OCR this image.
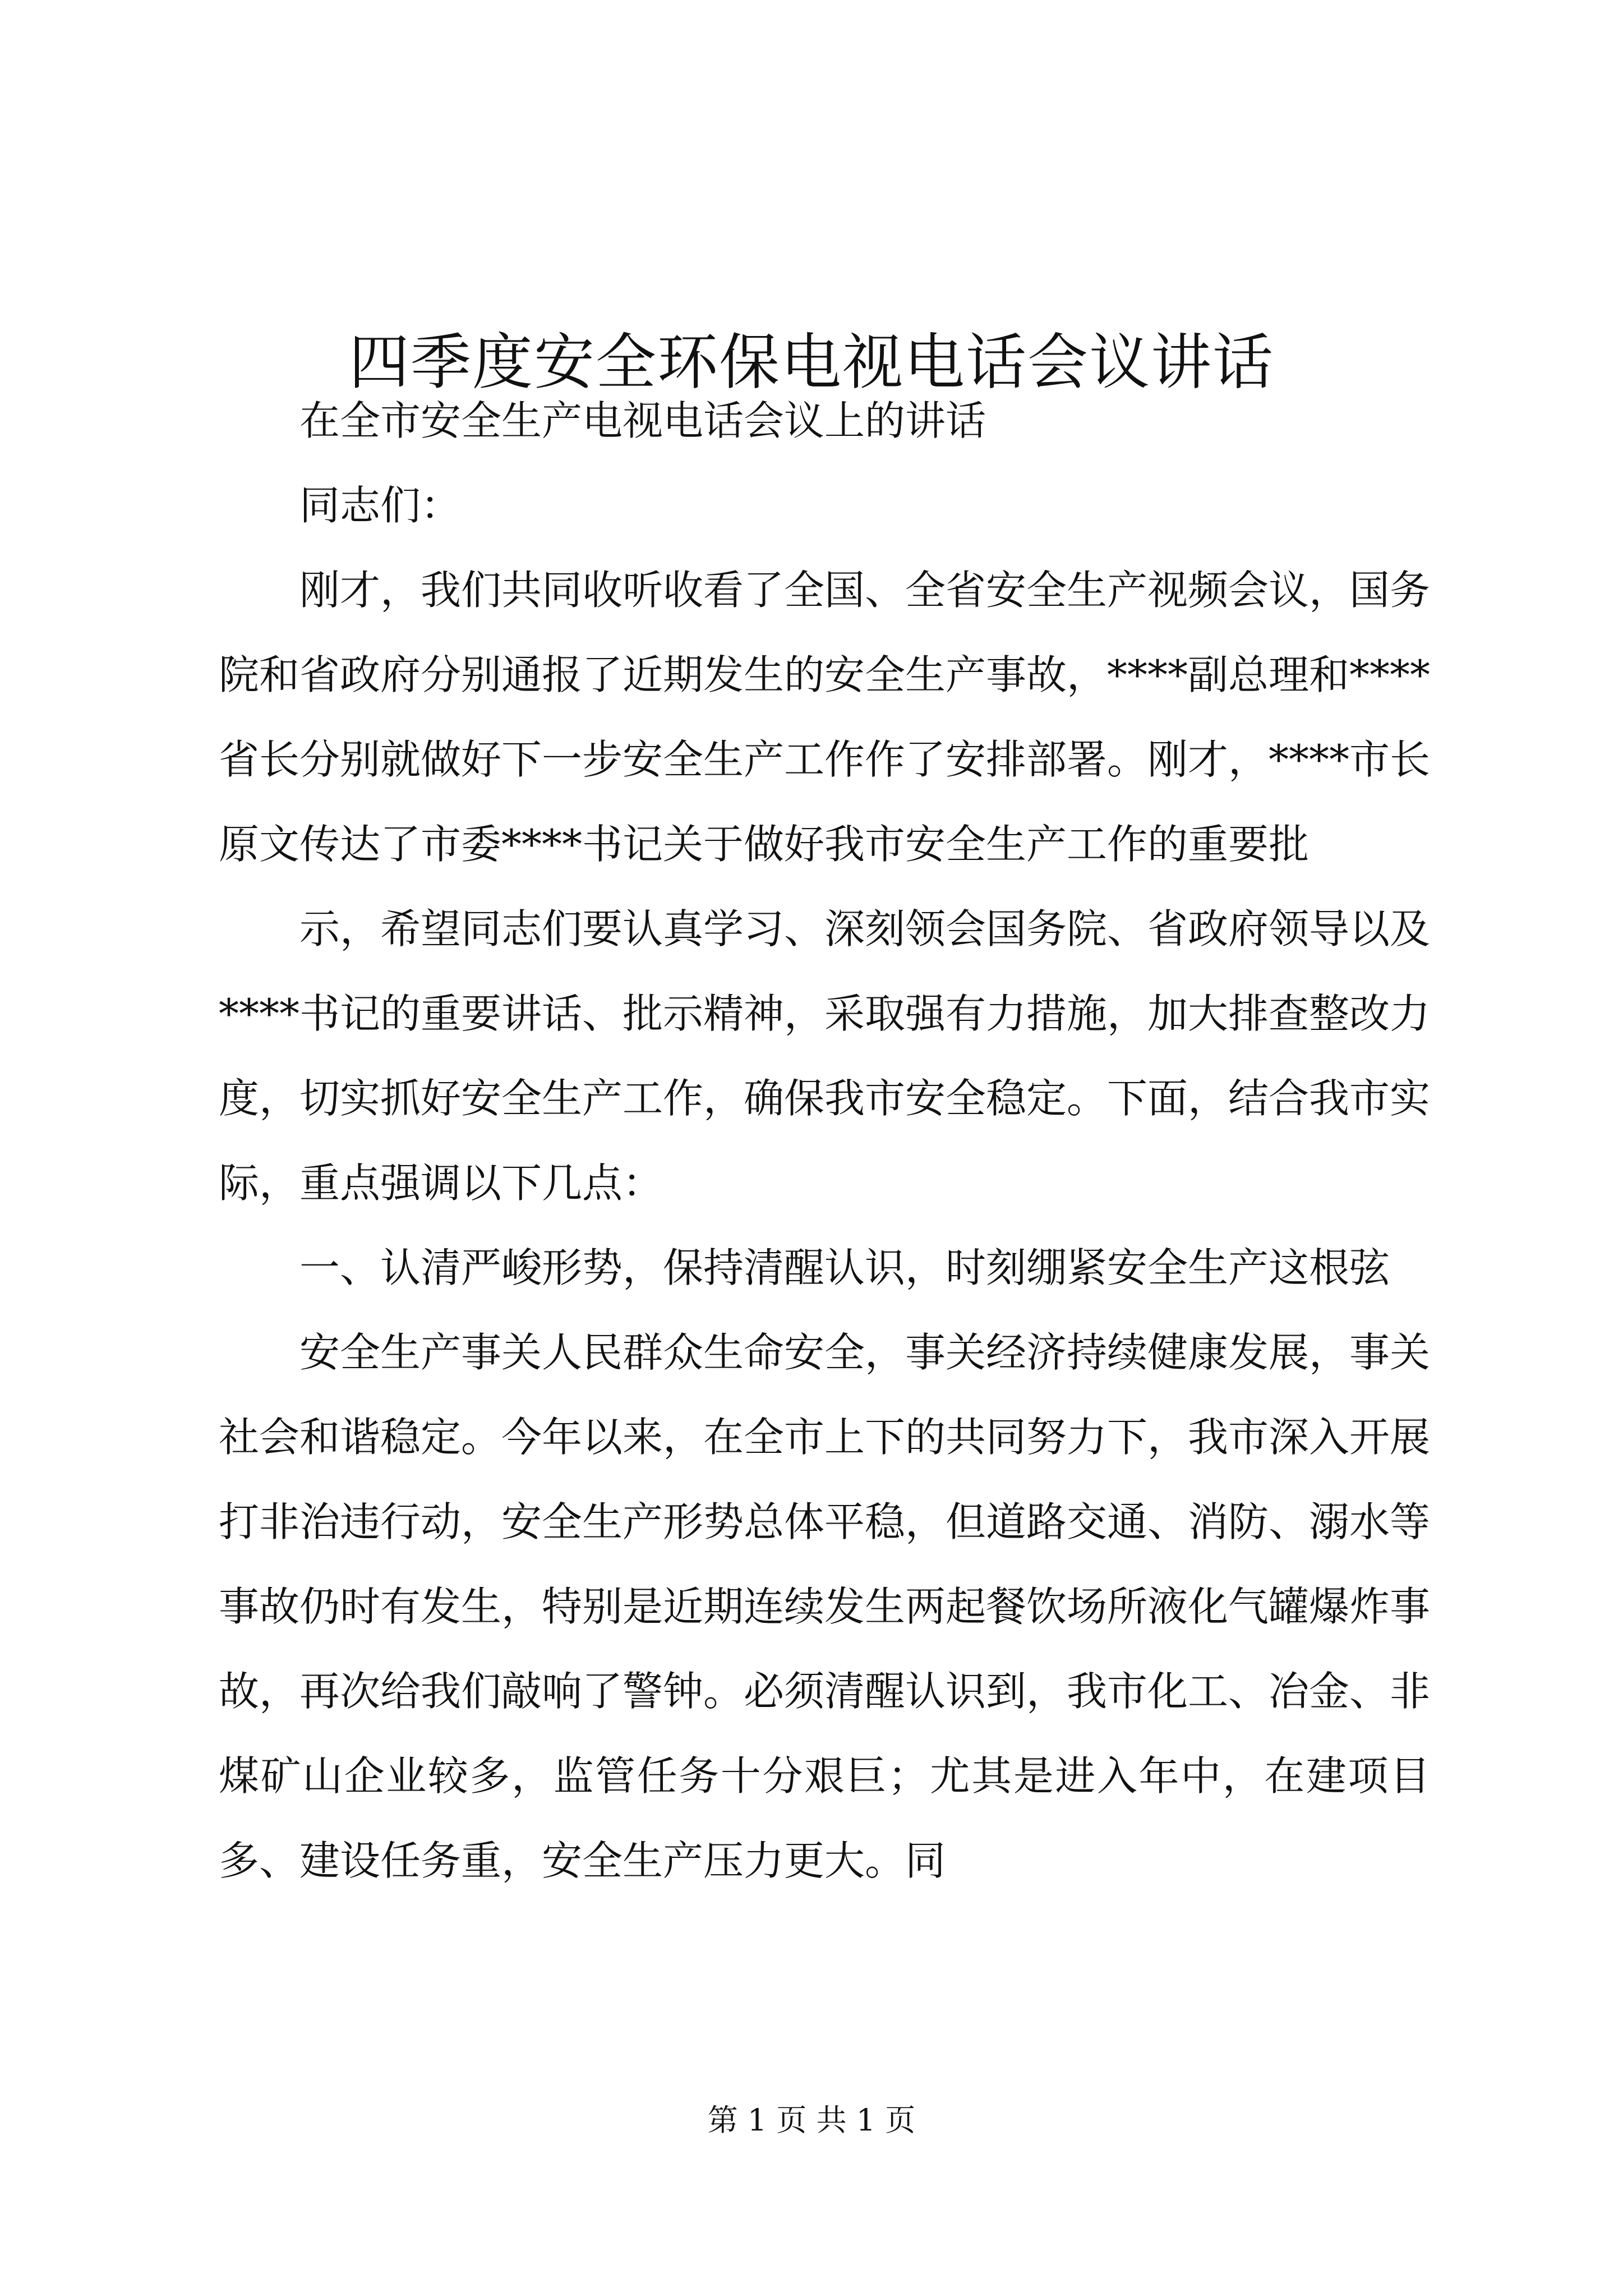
四季度安全环保电视电话会议讲话

在全市安全生产电视电话会议上的讲话

同志们：

刚才，我们共同收听收看了全国、全省安全生产视频会议，国务院和省政府分别通报了近期发生的安全生产事故，****副总理和****省长分别就做好下一步安全生产工作作了安排部署。刚才，****市长原文传达了市委****书记关于做好我市安全生产工作的重要批

示，希望同志们要认真学习、深刻领会国务院、省政府领导以及****书记的重要讲话、批示精神，采取强有力措施，加大排查整改力度，切实抓好安全生产工作，确保我市安全稳定。下面，结合我市实际，重点强调以下几点：

一、认清严峻形势，保持清醒认识，时刻绷紧安全生产这根弦

安全生产事关人民群众生命安全，事关经济持续健康发展，事关社会和谐稳定。今年以来，在全市上下的共同努力下，我市深入开展打非治违行动，安全生产形势总体平稳，但道路交通、消防、溺水等事故仍时有发生，特别是近期连续发生两起餐饮场所液化气罐爆炸事故，再次给我们敲响了警钟。必须清醒认识到，我市化工、冶金、非煤矿山企业较多，监管任务十分艰巨；尤其是进入年中，在建项目多、建设任务重，安全生产压力更大。同

第 1 页 共 1 页
